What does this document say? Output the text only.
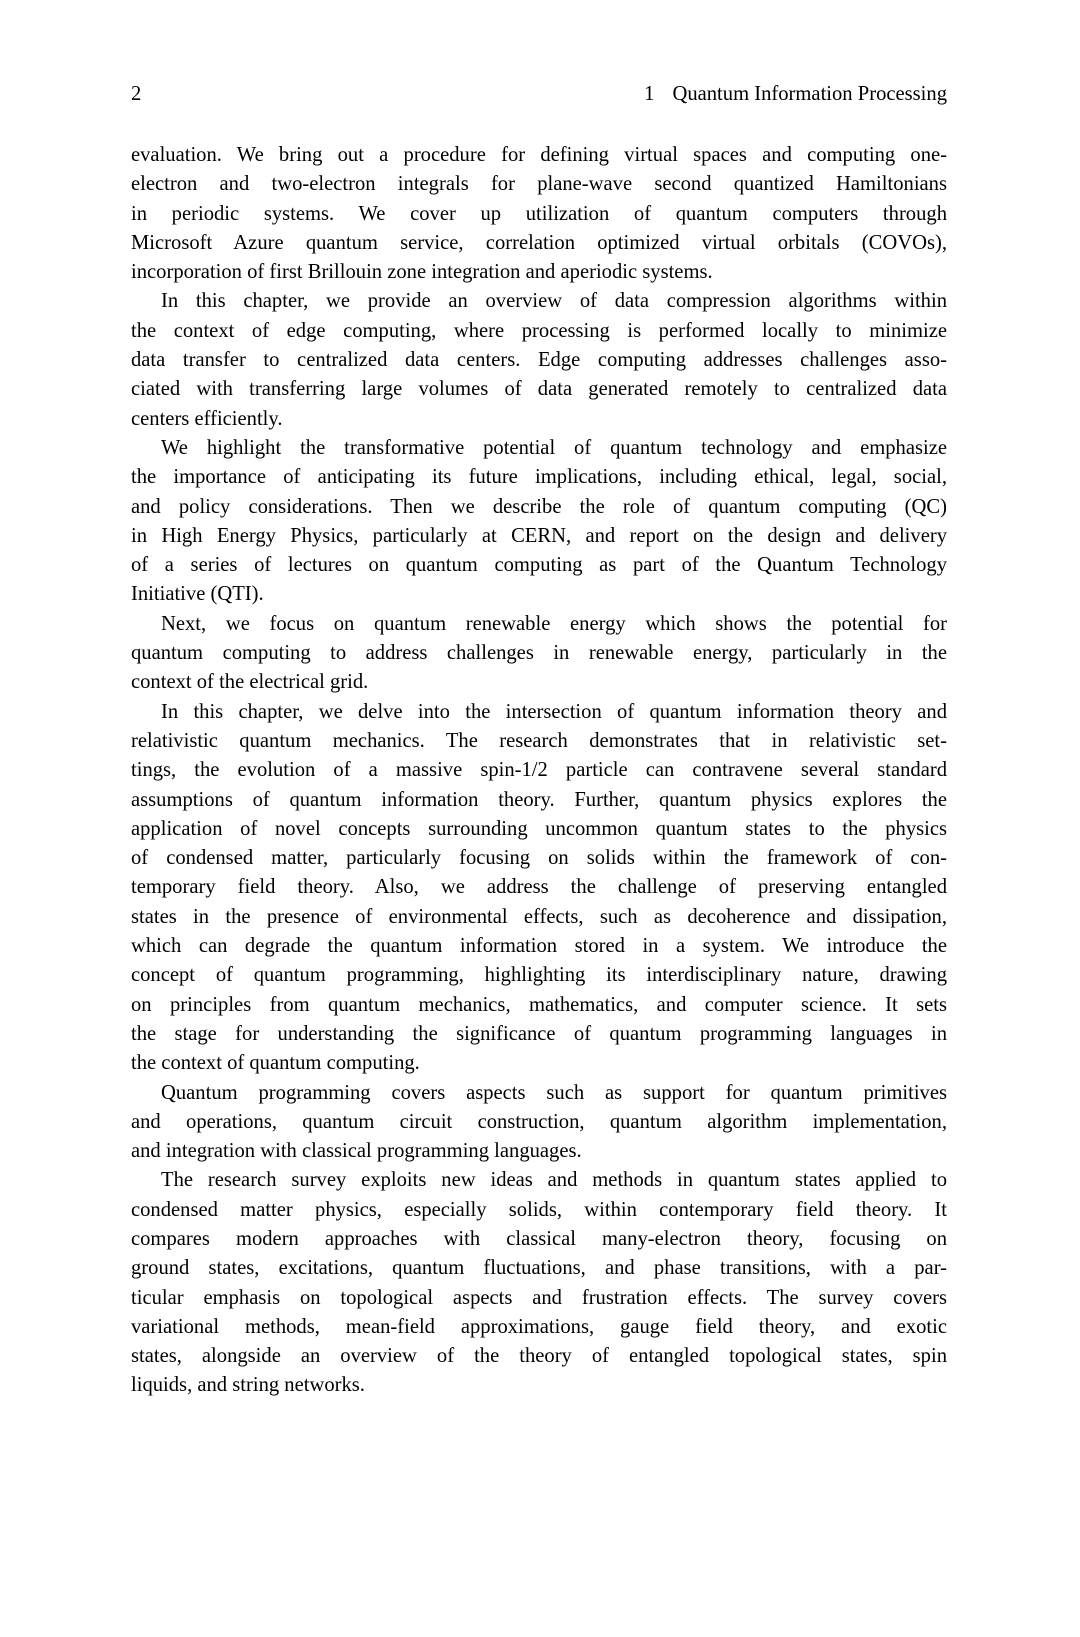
2	1 Quantum Information Processing
evaluation. We bring out a procedure for defining virtual spaces and computing one-
electron and two-electron integrals for plane-wave second quantized Hamiltonians
in periodic systems. We cover up utilization of quantum computers through
Microsoft Azure quantum service, correlation optimized virtual orbitals (COVOs),
incorporation of first Brillouin zone integration and aperiodic systems.
In this chapter, we provide an overview of data compression algorithms within
the context of edge computing, where processing is performed locally to minimize
data transfer to centralized data centers. Edge computing addresses challenges asso-
ciated with transferring large volumes of data generated remotely to centralized data
centers efficiently.
We highlight the transformative potential of quantum technology and emphasize
the importance of anticipating its future implications, including ethical, legal, social,
and policy considerations. Then we describe the role of quantum computing (QC)
in High Energy Physics, particularly at CERN, and report on the design and delivery
of a series of lectures on quantum computing as part of the Quantum Technology
Initiative (QTI).
Next, we focus on quantum renewable energy which shows the potential for
quantum computing to address challenges in renewable energy, particularly in the
context of the electrical grid.
In this chapter, we delve into the intersection of quantum information theory and
relativistic quantum mechanics. The research demonstrates that in relativistic set-
tings, the evolution of a massive spin-1/2 particle can contravene several standard
assumptions of quantum information theory. Further, quantum physics explores the
application of novel concepts surrounding uncommon quantum states to the physics
of condensed matter, particularly focusing on solids within the framework of con-
temporary field theory. Also, we address the challenge of preserving entangled
states in the presence of environmental effects, such as decoherence and dissipation,
which can degrade the quantum information stored in a system. We introduce the
concept of quantum programming, highlighting its interdisciplinary nature, drawing
on principles from quantum mechanics, mathematics, and computer science. It sets
the stage for understanding the significance of quantum programming languages in
the context of quantum computing.
Quantum programming covers aspects such as support for quantum primitives
and operations, quantum circuit construction, quantum algorithm implementation,
and integration with classical programming languages.
The research survey exploits new ideas and methods in quantum states applied to
condensed matter physics, especially solids, within contemporary field theory. It
compares modern approaches with classical many-electron theory, focusing on
ground states, excitations, quantum fluctuations, and phase transitions, with a par-
ticular emphasis on topological aspects and frustration effects. The survey covers
variational methods, mean-field approximations, gauge field theory, and exotic
states, alongside an overview of the theory of entangled topological states, spin
liquids, and string networks.
